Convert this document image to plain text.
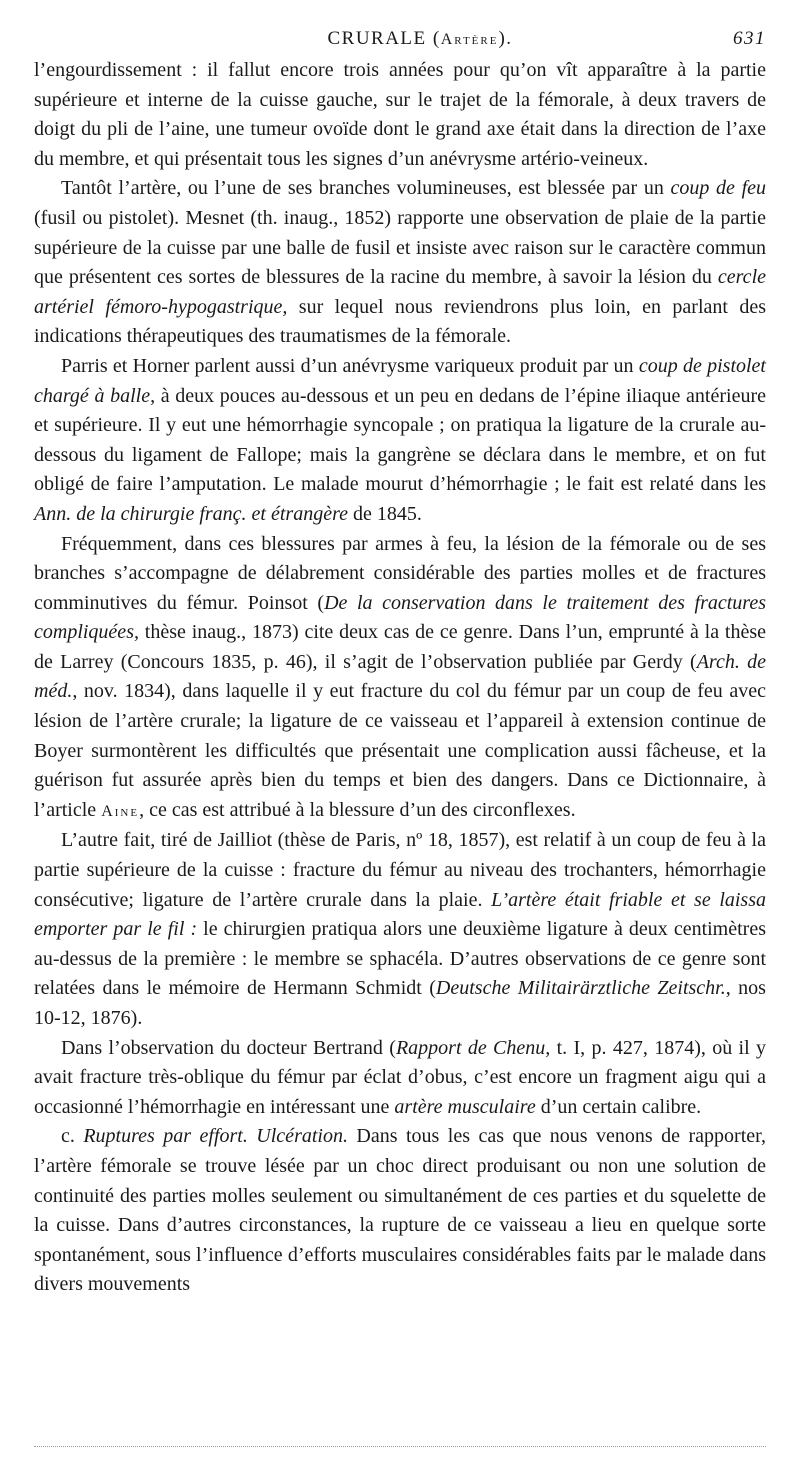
CRURALE (Artère).	631

l’engourdissement : il fallut encore trois années pour qu’on vît apparaître à la partie supérieure et interne de la cuisse gauche, sur le trajet de la fémorale, à deux travers de doigt du pli de l’aine, une tumeur ovoïde dont le grand axe était dans la direction de l’axe du membre, et qui présentait tous les signes d’un anévrysme artério-veineux.

Tantôt l’artère, ou l’une de ses branches volumineuses, est blessée par un coup de feu (fusil ou pistolet). Mesnet (th. inaug., 1852) rapporte une observation de plaie de la partie supérieure de la cuisse par une balle de fusil et insiste avec raison sur le caractère commun que présentent ces sortes de blessures de la racine du membre, à savoir la lésion du cercle artériel fémoro-hypogastrique, sur lequel nous reviendrons plus loin, en parlant des indications thérapeutiques des traumatismes de la fémorale.

Parris et Horner parlent aussi d’un anévrysme variqueux produit par un coup de pistolet chargé à balle, à deux pouces au-dessous et un peu en dedans de l’épine iliaque antérieure et supérieure. Il y eut une hémorrhagie syncopale ; on pratiqua la ligature de la crurale au-dessous du ligament de Fallope; mais la gangrène se déclara dans le membre, et on fut obligé de faire l’amputation. Le malade mourut d’hémorrhagie ; le fait est relaté dans les Ann. de la chirurgie franç. et étrangère de 1845.

Fréquemment, dans ces blessures par armes à feu, la lésion de la fémorale ou de ses branches s’accompagne de délabrement considérable des parties molles et de fractures comminutives du fémur. Poinsot (De la conservation dans le traitement des fractures compliquées, thèse inaug., 1873) cite deux cas de ce genre. Dans l’un, emprunté à la thèse de Larrey (Concours 1835, p. 46), il s’agit de l’observation publiée par Gerdy (Arch. de méd., nov. 1834), dans laquelle il y eut fracture du col du fémur par un coup de feu avec lésion de l’artère crurale; la ligature de ce vaisseau et l’appareil à extension continue de Boyer surmontèrent les difficultés que présentait une complication aussi fâcheuse, et la guérison fut assurée après bien du temps et bien des dangers. Dans ce Dictionnaire, à l’article Aine, ce cas est attribué à la blessure d’un des circonflexes.

L’autre fait, tiré de Jailliot (thèse de Paris, nº 18, 1857), est relatif à un coup de feu à la partie supérieure de la cuisse : fracture du fémur au niveau des trochanters, hémorrhagie consécutive; ligature de l’artère crurale dans la plaie. L’artère était friable et se laissa emporter par le fil : le chirurgien pratiqua alors une deuxième ligature à deux centimètres au-dessus de la première : le membre se sphacéla. D’autres observations de ce genre sont relatées dans le mémoire de Hermann Schmidt (Deutsche Militairärztliche Zeitschr., nos 10-12, 1876).

Dans l’observation du docteur Bertrand (Rapport de Chenu, t. I, p. 427, 1874), où il y avait fracture très-oblique du fémur par éclat d’obus, c’est encore un fragment aigu qui a occasionné l’hémorrhagie en intéressant une artère musculaire d’un certain calibre.

c. Ruptures par effort. Ulcération. Dans tous les cas que nous venons de rapporter, l’artère fémorale se trouve lésée par un choc direct produisant ou non une solution de continuité des parties molles seulement ou simultanément de ces parties et du squelette de la cuisse. Dans d’autres circonstances, la rupture de ce vaisseau a lieu en quelque sorte spontanément, sous l’influence d’efforts musculaires considérables faits par le malade dans divers mouvements
